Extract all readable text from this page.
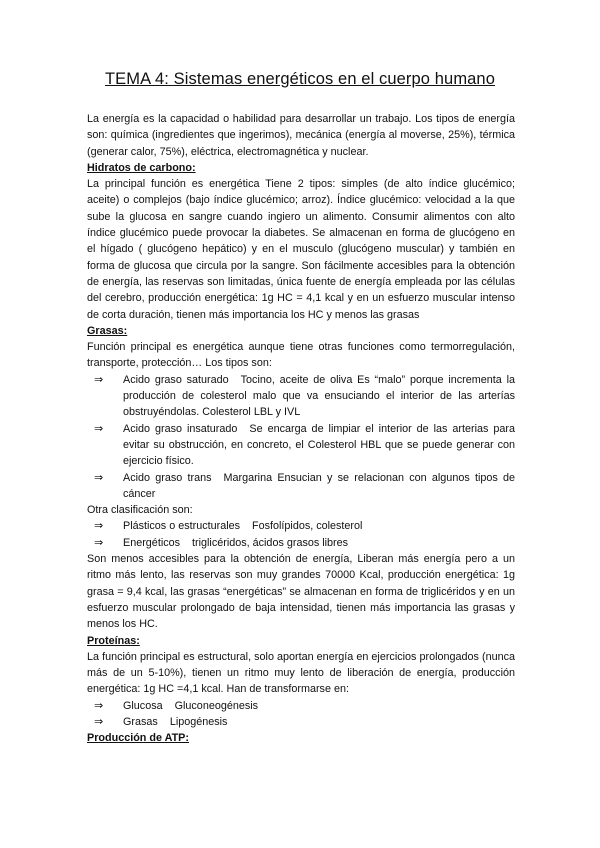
TEMA 4: Sistemas energéticos en el cuerpo humano

La energía es la capacidad o habilidad para desarrollar un trabajo. Los tipos de energía son: química (ingredientes que ingerimos), mecánica (energía al moverse, 25%), térmica (generar calor, 75%), eléctrica, electromagnética y nuclear.

Hidratos de carbono:

La principal función es energética Tiene 2 tipos: simples (de alto índice glucémico; aceite) o complejos (bajo índice glucémico; arroz). Índice glucémico: velocidad a la que sube la glucosa en sangre cuando ingiero un alimento. Consumir alimentos con alto índice glucémico puede provocar la diabetes. Se almacenan en forma de glucógeno en el hígado ( glucógeno hepático) y en el musculo (glucógeno muscular) y también en forma de glucosa que circula por la sangre. Son fácilmente accesibles para la obtención de energía, las reservas son limitadas, única fuente de energía empleada por las células del cerebro, producción energética: 1g HC = 4,1 kcal y en un esfuerzo muscular intenso de corta duración, tienen más importancia los HC y menos las grasas

Grasas:

Función principal es energética aunque tiene otras funciones como termorregulación, transporte, protección… Los tipos son:

⇒	Acido graso saturado Tocino, aceite de oliva Es “malo” porque incrementa la producción de colesterol malo que va ensuciando el interior de las arterías obstruyéndolas. Colesterol LBL y IVL
⇒	Acido graso insaturado Se encarga de limpiar el interior de las arterias para evitar su obstrucción, en concreto, el Colesterol HBL que se puede generar con ejercicio físico.
⇒	Acido graso trans Margarina Ensucian y se relacionan con algunos tipos de cáncer

Otra clasificación son:

⇒	Plásticos o estructurales Fosfolípidos, colesterol
⇒	Energéticos triglicéridos, ácidos grasos libres

Son menos accesibles para la obtención de energía, Liberan más energía pero a un ritmo más lento, las reservas son muy grandes 70000 Kcal, producción energética: 1g grasa = 9,4 kcal, las grasas “energéticas” se almacenan en forma de triglicéridos y en un esfuerzo muscular prolongado de baja intensidad, tienen más importancia las grasas y menos los HC.

Proteínas:

La función principal es estructural, solo aportan energía en ejercicios prolongados (nunca más de un 5-10%), tienen un ritmo muy lento de liberación de energía, producción energética: 1g HC =4,1 kcal. Han de transformarse en:

⇒	Glucosa Gluconeogénesis
⇒	Grasas Lipogénesis

Producción de ATP:
